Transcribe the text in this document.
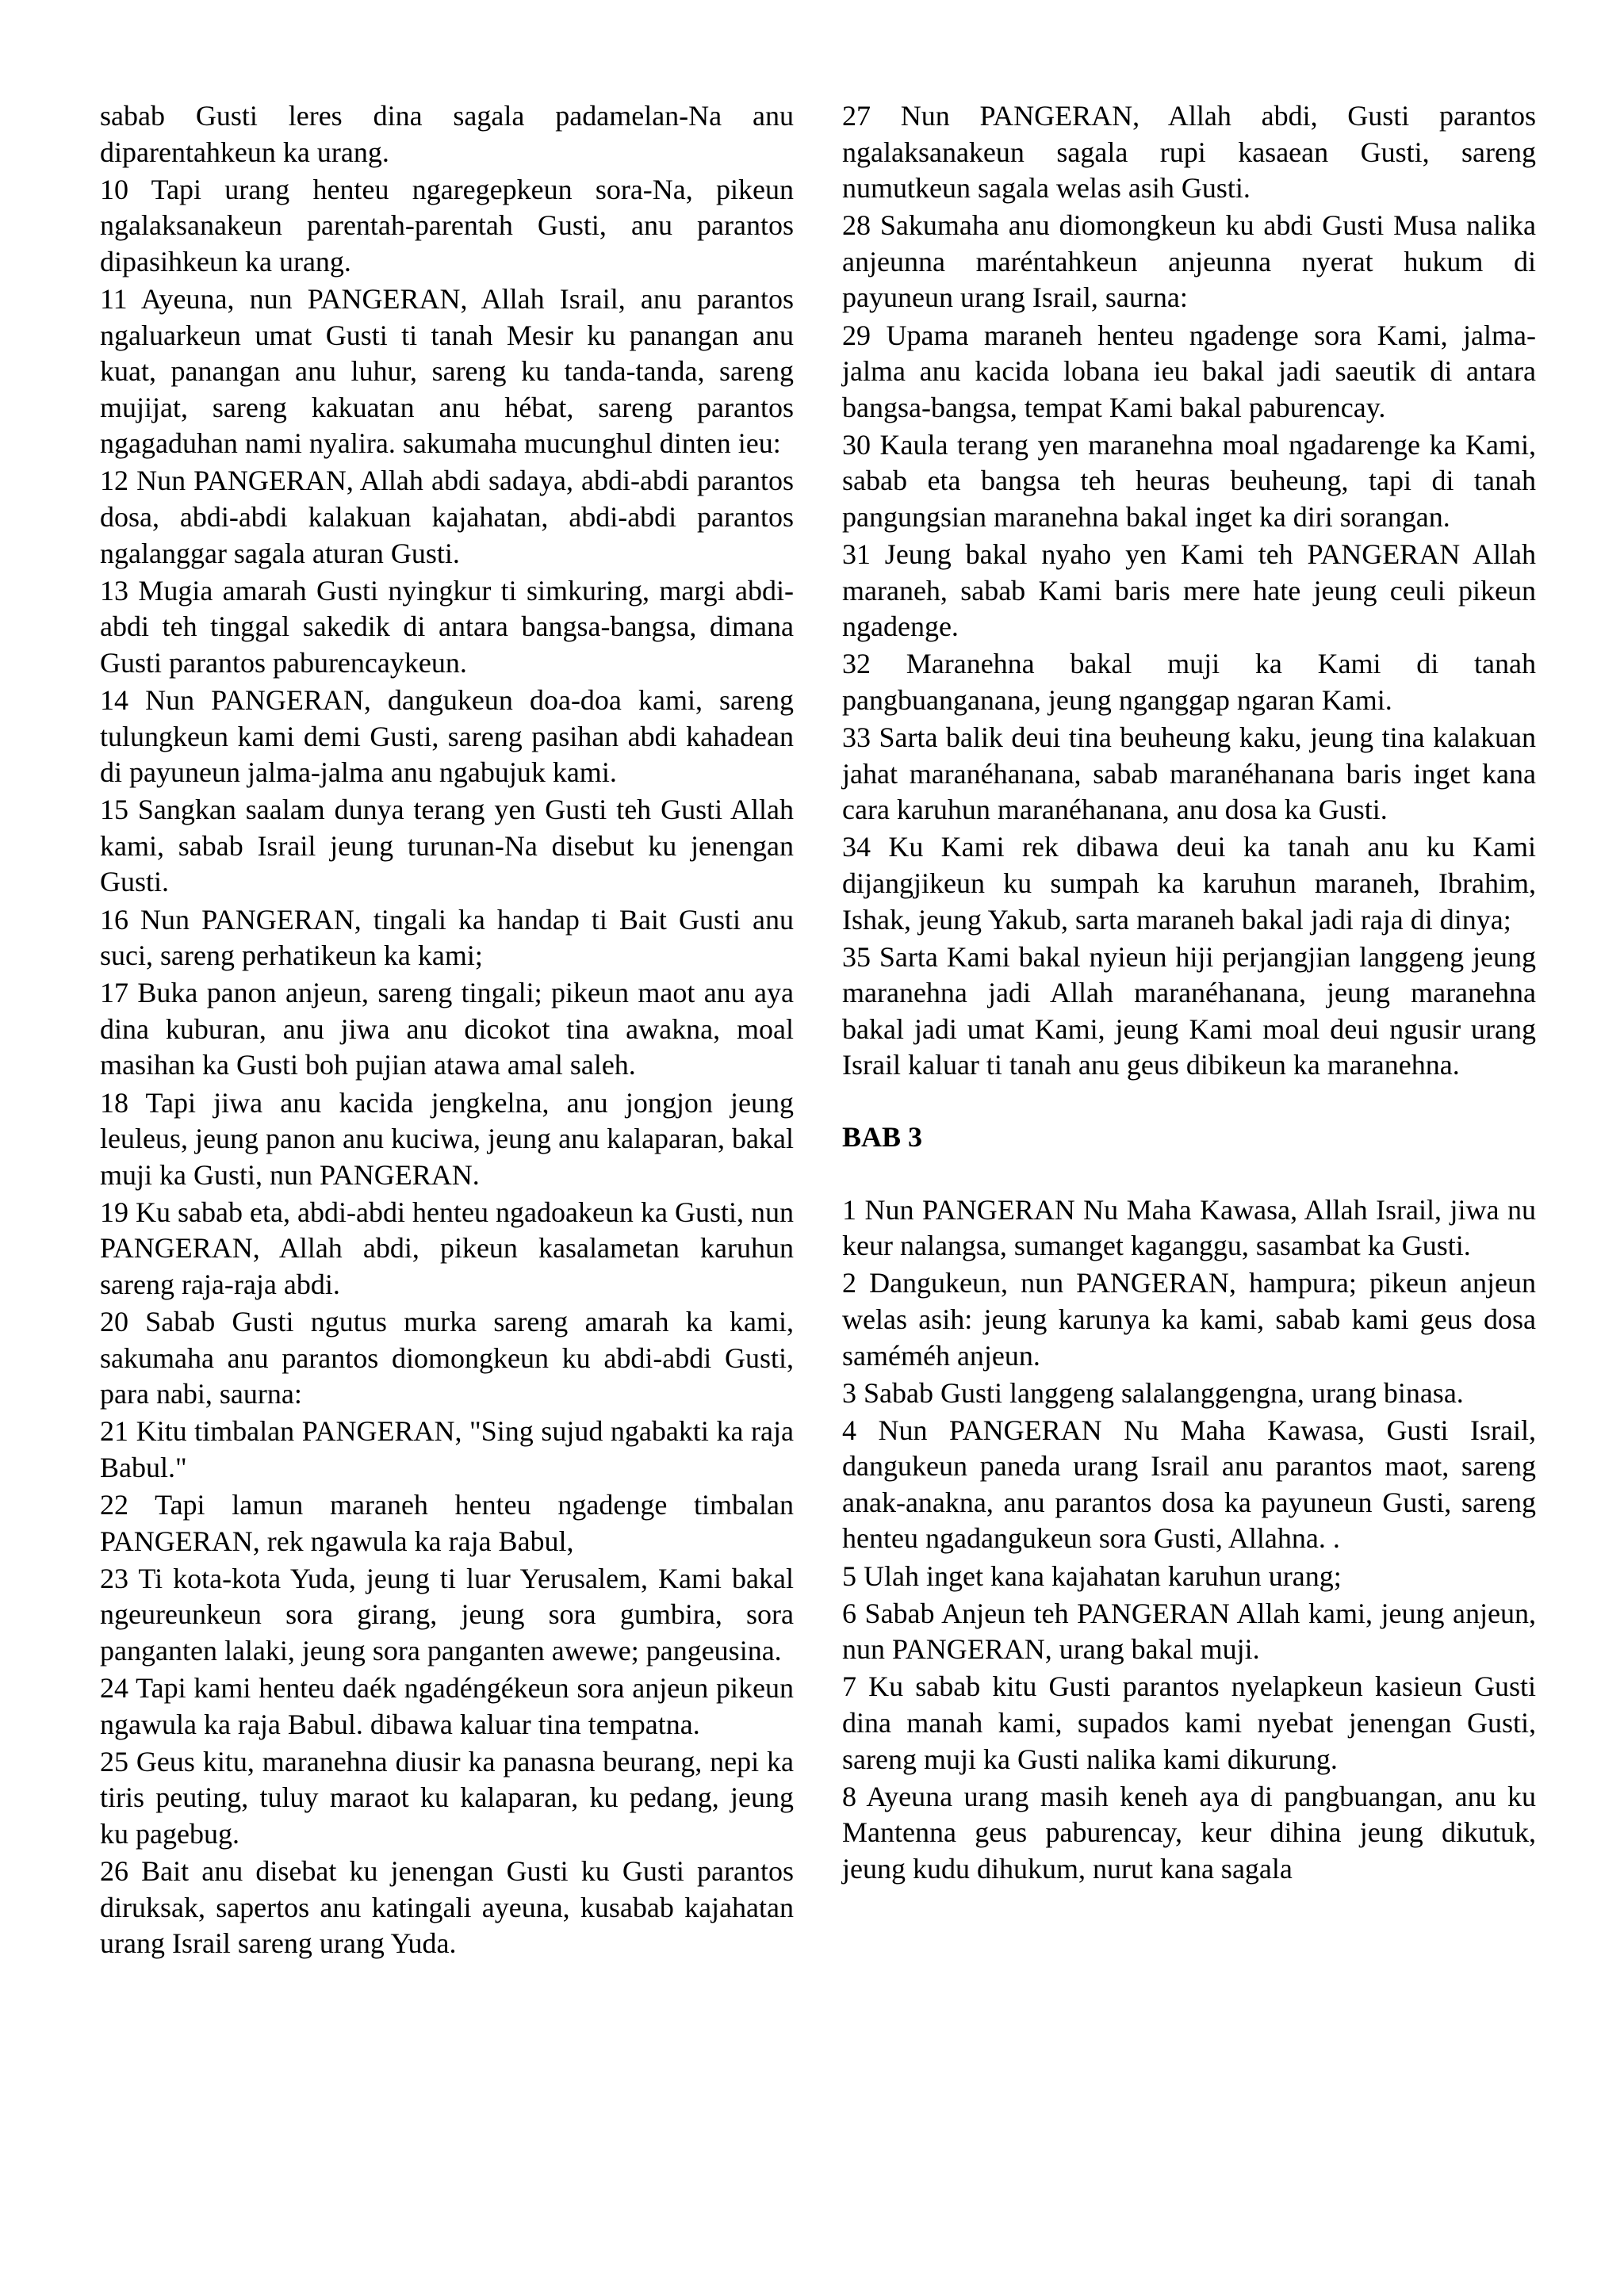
sabab Gusti leres dina sagala padamelan-Na anu diparentahkeun ka urang.

10 Tapi urang henteu ngaregepkeun sora-Na, pikeun ngalaksanakeun parentah-parentah Gusti, anu parantos dipasihkeun ka urang.

11 Ayeuna, nun PANGERAN, Allah Israil, anu parantos ngaluarkeun umat Gusti ti tanah Mesir ku panangan anu kuat, panangan anu luhur, sareng ku tanda-tanda, sareng mujijat, sareng kakuatan anu hébat, sareng parantos ngagaduhan nami nyalira. sakumaha mucunghul dinten ieu:

12 Nun PANGERAN, Allah abdi sadaya, abdi-abdi parantos dosa, abdi-abdi kalakuan kajahatan, abdi-abdi parantos ngalanggar sagala aturan Gusti.

13 Mugia amarah Gusti nyingkur ti simkuring, margi abdi-abdi teh tinggal sakedik di antara bangsa-bangsa, dimana Gusti parantos paburencaykeun.

14 Nun PANGERAN, dangukeun doa-doa kami, sareng tulungkeun kami demi Gusti, sareng pasihan abdi kahadean di payuneun jalma-jalma anu ngabujuk kami.

15 Sangkan saalam dunya terang yen Gusti teh Gusti Allah kami, sabab Israil jeung turunan-Na disebut ku jenengan Gusti.

16 Nun PANGERAN, tingali ka handap ti Bait Gusti anu suci, sareng perhatikeun ka kami;

17 Buka panon anjeun, sareng tingali; pikeun maot anu aya dina kuburan, anu jiwa anu dicokot tina awakna, moal masihan ka Gusti boh pujian atawa amal saleh.

18 Tapi jiwa anu kacida jengkelna, anu jongjon jeung leuleus, jeung panon anu kuciwa, jeung anu kalaparan, bakal muji ka Gusti, nun PANGERAN.

19 Ku sabab eta, abdi-abdi henteu ngadoakeun ka Gusti, nun PANGERAN, Allah abdi, pikeun kasalametan karuhun sareng raja-raja abdi.

20 Sabab Gusti ngutus murka sareng amarah ka kami, sakumaha anu parantos diomongkeun ku abdi-abdi Gusti, para nabi, saurna:

21 Kitu timbalan PANGERAN, "Sing sujud ngabakti ka raja Babul."

22 Tapi lamun maraneh henteu ngadenge timbalan PANGERAN, rek ngawula ka raja Babul,

23 Ti kota-kota Yuda, jeung ti luar Yerusalem, Kami bakal ngeureunkeun sora girang, jeung sora gumbira, sora panganten lalaki, jeung sora panganten awewe; pangeusina.

24 Tapi kami henteu daék ngadéngékeun sora anjeun pikeun ngawula ka raja Babul. dibawa kaluar tina tempatna.

25 Geus kitu, maranehna diusir ka panasna beurang, nepi ka tiris peuting, tuluy maraot ku kalaparan, ku pedang, jeung ku pagebug.

26 Bait anu disebat ku jenengan Gusti ku Gusti parantos diruksak, sapertos anu katingali ayeuna, kusabab kajahatan urang Israil sareng urang Yuda.

27 Nun PANGERAN, Allah abdi, Gusti parantos ngalaksanakeun sagala rupi kasaean Gusti, sareng numutkeun sagala welas asih Gusti.

28 Sakumaha anu diomongkeun ku abdi Gusti Musa nalika anjeunna maréntahkeun anjeunna nyerat hukum di payuneun urang Israil, saurna:

29 Upama maraneh henteu ngadenge sora Kami, jalma-jalma anu kacida lobana ieu bakal jadi saeutik di antara bangsa-bangsa, tempat Kami bakal paburencay.

30 Kaula terang yen maranehna moal ngadarenge ka Kami, sabab eta bangsa teh heuras beuheung, tapi di tanah pangungsian maranehna bakal inget ka diri sorangan.

31 Jeung bakal nyaho yen Kami teh PANGERAN Allah maraneh, sabab Kami baris mere hate jeung ceuli pikeun ngadenge.

32 Maranehna bakal muji ka Kami di tanah pangbuanganana, jeung nganggap ngaran Kami.

33 Sarta balik deui tina beuheung kaku, jeung tina kalakuan jahat maranéhanana, sabab maranéhanana baris inget kana cara karuhun maranéhanana, anu dosa ka Gusti.

34 Ku Kami rek dibawa deui ka tanah anu ku Kami dijangjikeun ku sumpah ka karuhun maraneh, Ibrahim, Ishak, jeung Yakub, sarta maraneh bakal jadi raja di dinya;

35 Sarta Kami bakal nyieun hiji perjangjian langgeng jeung maranehna jadi Allah maranéhanana, jeung maranehna bakal jadi umat Kami, jeung Kami moal deui ngusir urang Israil kaluar ti tanah anu geus dibikeun ka maranehna.

BAB 3

1 Nun PANGERAN Nu Maha Kawasa, Allah Israil, jiwa nu keur nalangsa, sumanget kaganggu, sasambat ka Gusti.

2 Dangukeun, nun PANGERAN, hampura; pikeun anjeun welas asih: jeung karunya ka kami, sabab kami geus dosa saméméh anjeun.

3 Sabab Gusti langgeng salalanggengna, urang binasa.

4 Nun PANGERAN Nu Maha Kawasa, Gusti Israil, dangukeun paneda urang Israil anu parantos maot, sareng anak-anakna, anu parantos dosa ka payuneun Gusti, sareng henteu ngadangukeun sora Gusti, Allahna. .

5 Ulah inget kana kajahatan karuhun urang;

6 Sabab Anjeun teh PANGERAN Allah kami, jeung anjeun, nun PANGERAN, urang bakal muji.

7 Ku sabab kitu Gusti parantos nyelapkeun kasieun Gusti dina manah kami, supados kami nyebat jenengan Gusti, sareng muji ka Gusti nalika kami dikurung.

8 Ayeuna urang masih keneh aya di pangbuangan, anu ku Mantenna geus paburencay, keur dihina jeung dikutuk, jeung kudu dihukum, nurut kana sagala
